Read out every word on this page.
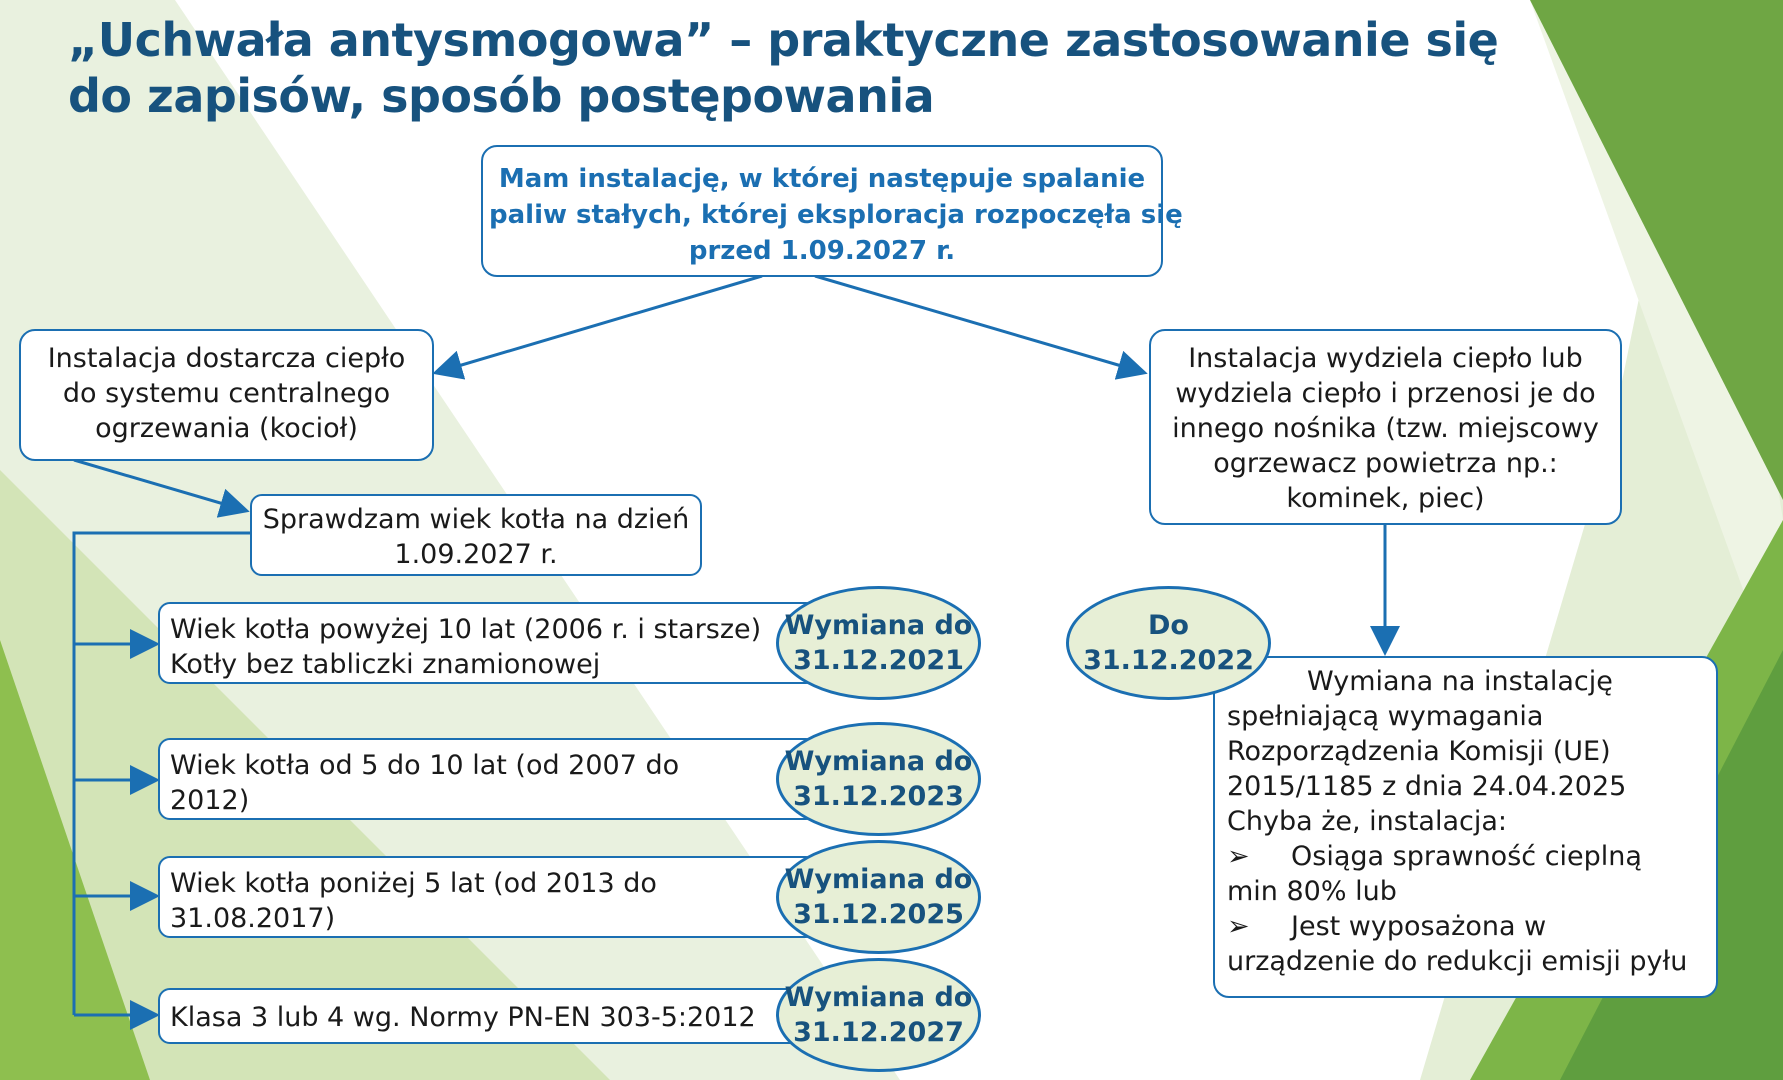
„Uchwała antysmogowa” – praktyczne zastosowanie się
do zapisów, sposób postępowania
Mam instalację, w której następuje spalanie
paliw stałych, której eksploracja rozpoczęła się
przed 1.09.2027 r.
Instalacja dostarcza ciepło
do systemu centralnego
ogrzewania (kocioł)
Instalacja wydziela ciepło lub
wydziela ciepło i przenosi je do
innego nośnika (tzw. miejscowy
ogrzewacz powietrza np.:
kominek, piec)
Sprawdzam wiek kotła na dzień
1.09.2027 r.
Wiek kotła powyżej 10 lat (2006 r. i starsze)
Kotły bez tabliczki znamionowej
Wymiana do
31.12.2021
Wiek kotła od 5 do 10 lat (od 2007 do
2012)
Wymiana do
31.12.2023
Wiek kotła poniżej 5 lat (od 2013 do
31.08.2017)
Wymiana do
31.12.2025
Klasa 3 lub 4 wg. Normy PN-EN 303-5:2012
Wymiana do
31.12.2027
Wymiana na instalację
spełniającą wymagania
Rozporządzenia Komisji (UE)
2015/1185 z dnia 24.04.2025
Chyba że, instalacja:
➢ Osiąga sprawność cieplną
min 80% lub
➢ Jest wyposażona w
urządzenie do redukcji emisji pyłu
Do
31.12.2022
